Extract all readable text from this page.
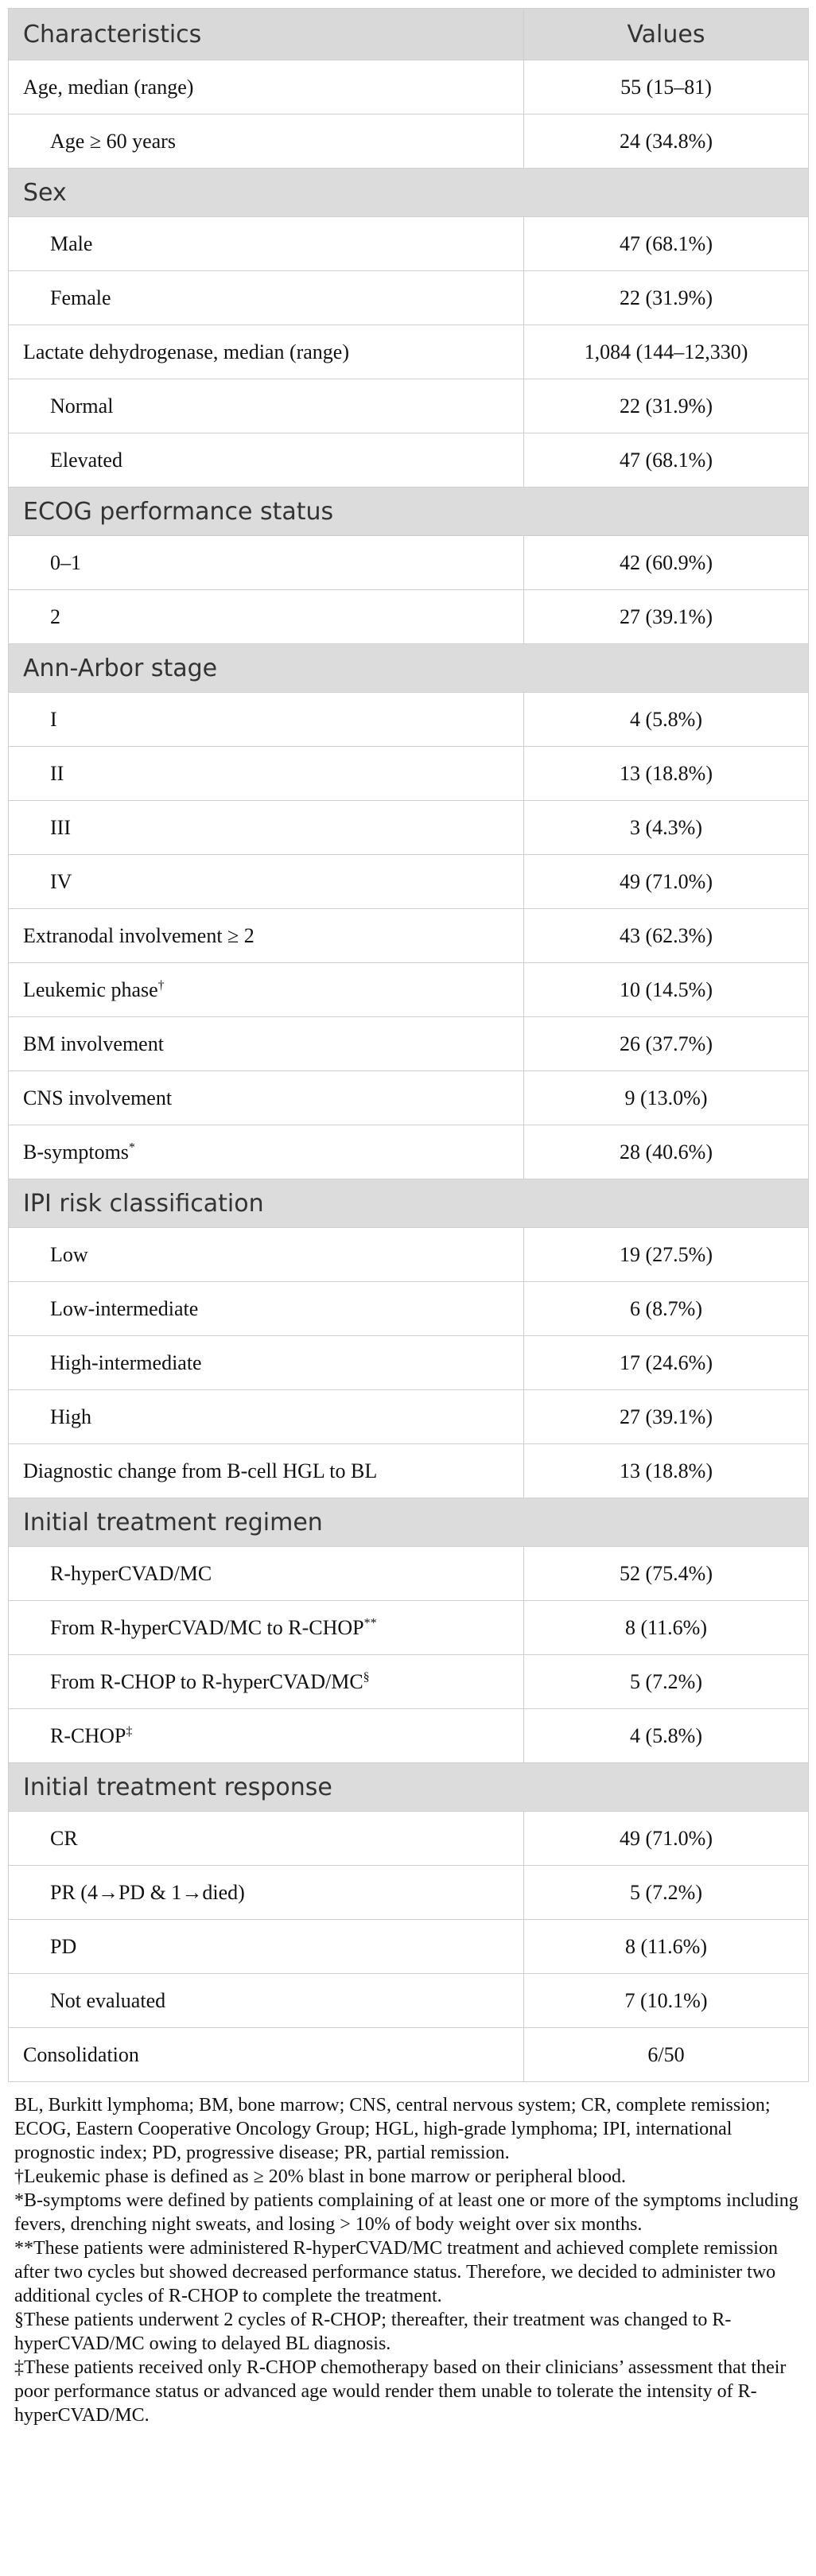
Characteristics	Values
Age, median (range)	55 (15–81)
Age ≥ 60 years	24 (34.8%)
Sex	
Male	47 (68.1%)
Female	22 (31.9%)
Lactate dehydrogenase, median (range)	1,084 (144–12,330)
Normal	22 (31.9%)
Elevated	47 (68.1%)
ECOG performance status	
0–1	42 (60.9%)
2	27 (39.1%)
Ann-Arbor stage	
I	4 (5.8%)
II	13 (18.8%)
III	3 (4.3%)
IV	49 (71.0%)
Extranodal involvement ≥ 2	43 (62.3%)
Leukemic phase†	10 (14.5%)
BM involvement	26 (37.7%)
CNS involvement	9 (13.0%)
B-symptoms*	28 (40.6%)
IPI risk classification	
Low	19 (27.5%)
Low-intermediate	6 (8.7%)
High-intermediate	17 (24.6%)
High	27 (39.1%)
Diagnostic change from B-cell HGL to BL	13 (18.8%)
Initial treatment regimen	
R-hyperCVAD/MC	52 (75.4%)
From R-hyperCVAD/MC to R-CHOP**	8 (11.6%)
From R-CHOP to R-hyperCVAD/MC§	5 (7.2%)
R-CHOP‡	4 (5.8%)
Initial treatment response	
CR	49 (71.0%)
PR (4→PD & 1→died)	5 (7.2%)
PD	8 (11.6%)
Not evaluated	7 (10.1%)
Consolidation	6/50

BL, Burkitt lymphoma; BM, bone marrow; CNS, central nervous system; CR, complete remission; ECOG, Eastern Cooperative Oncology Group; HGL, high-grade lymphoma; IPI, international prognostic index; PD, progressive disease; PR, partial remission.

†Leukemic phase is defined as ≥ 20% blast in bone marrow or peripheral blood.

*B-symptoms were defined by patients complaining of at least one or more of the symptoms including fevers, drenching night sweats, and losing > 10% of body weight over six months.

**These patients were administered R-hyperCVAD/MC treatment and achieved complete remission after two cycles but showed decreased performance status. Therefore, we decided to administer two additional cycles of R-CHOP to complete the treatment.

§These patients underwent 2 cycles of R-CHOP; thereafter, their treatment was changed to R-hyperCVAD/MC owing to delayed BL diagnosis.

‡These patients received only R-CHOP chemotherapy based on their clinicians’ assessment that their poor performance status or advanced age would render them unable to tolerate the intensity of R-hyperCVAD/MC.
